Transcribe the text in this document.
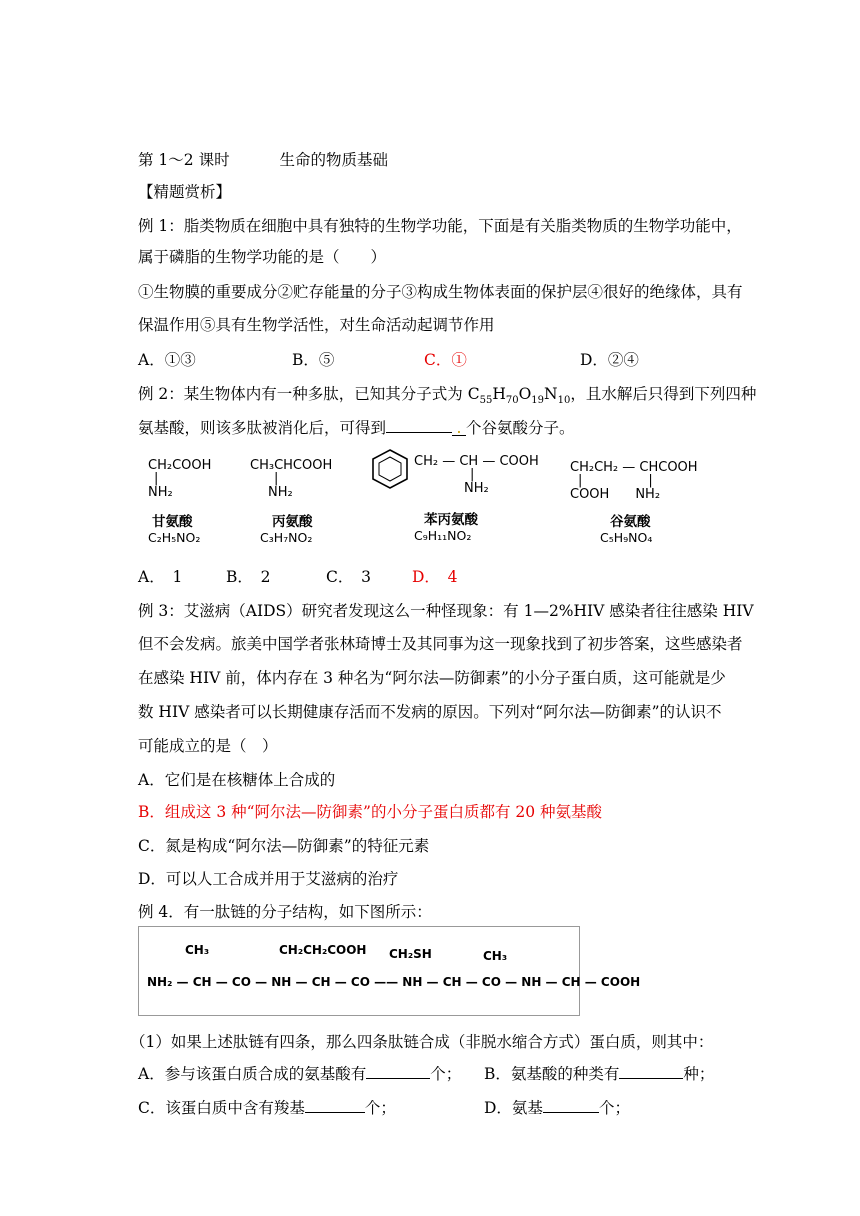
第 1～2 课时	生命的物质基础
【精题赏析】
例 1：脂类物质在细胞中具有独特的生物学功能，下面是有关脂类物质的生物学功能中，
属于磷脂的生物学功能的是（　　）
①生物膜的重要成分②贮存能量的分子③构成生物体表面的保护层④很好的绝缘体，具有
保温作用⑤具有生物学活性，对生命活动起调节作用
A．①③	B．⑤	C．①	D．②④
例 2：某生物体内有一种多肽，已知其分子式为 $C_{55}H_{70}O_{19}N_{10}$，且水解后只得到下列四种
氨基酸，则该多肽被消化后，可得到	. 个谷氨酸分子。
CH₂COOH
|
NH₂
甘氨酸
C₂H₅NO₂
CH₃CHCOOH
|
NH₂
丙氨酸
C₃H₇NO₂
CH₂ — CH — COOH
|
NH₂
苯丙氨酸
C₉H₁₁NO₂
CH₂CH₂ — CHCOOH
|	|
COOH NH₂
谷氨酸
C₅H₉NO₄
A．　1	B．　2	C．　3	D．　4
例 3：艾滋病（AIDS）研究者发现这么一种怪现象：有 1—2%HIV 感染者往往感染 HIV
但不会发病。旅美中国学者张林琦博士及其同事为这一现象找到了初步答案，这些感染者
在感染 HIV 前，体内存在 3 种名为“阿尔法—防御素”的小分子蛋白质，这可能就是少
数 HIV 感染者可以长期健康存活而不发病的原因。下列对“阿尔法—防御素”的认识不
可能成立的是（　）
A．它们是在核糖体上合成的
B．组成这 3 种“阿尔法—防御素”的小分子蛋白质都有 20 种氨基酸
C．氮是构成“阿尔法—防御素”的特征元素
D．可以人工合成并用于艾滋病的治疗
例 4．有一肽链的分子结构，如下图所示：
CH₃	CH₂CH₂COOH CH₂SH	CH₃
NH₂ — CH — CO — NH — CH — CO —— NH — CH — CO — NH — CH — COOH
（1）如果上述肽链有四条，那么四条肽链合成（非脱水缩合方式）蛋白质，则其中：
A．参与该蛋白质合成的氨基酸有	个； B．氨基酸的种类有	种；
C．该蛋白质中含有羧基	个；	D．氨基	个；
